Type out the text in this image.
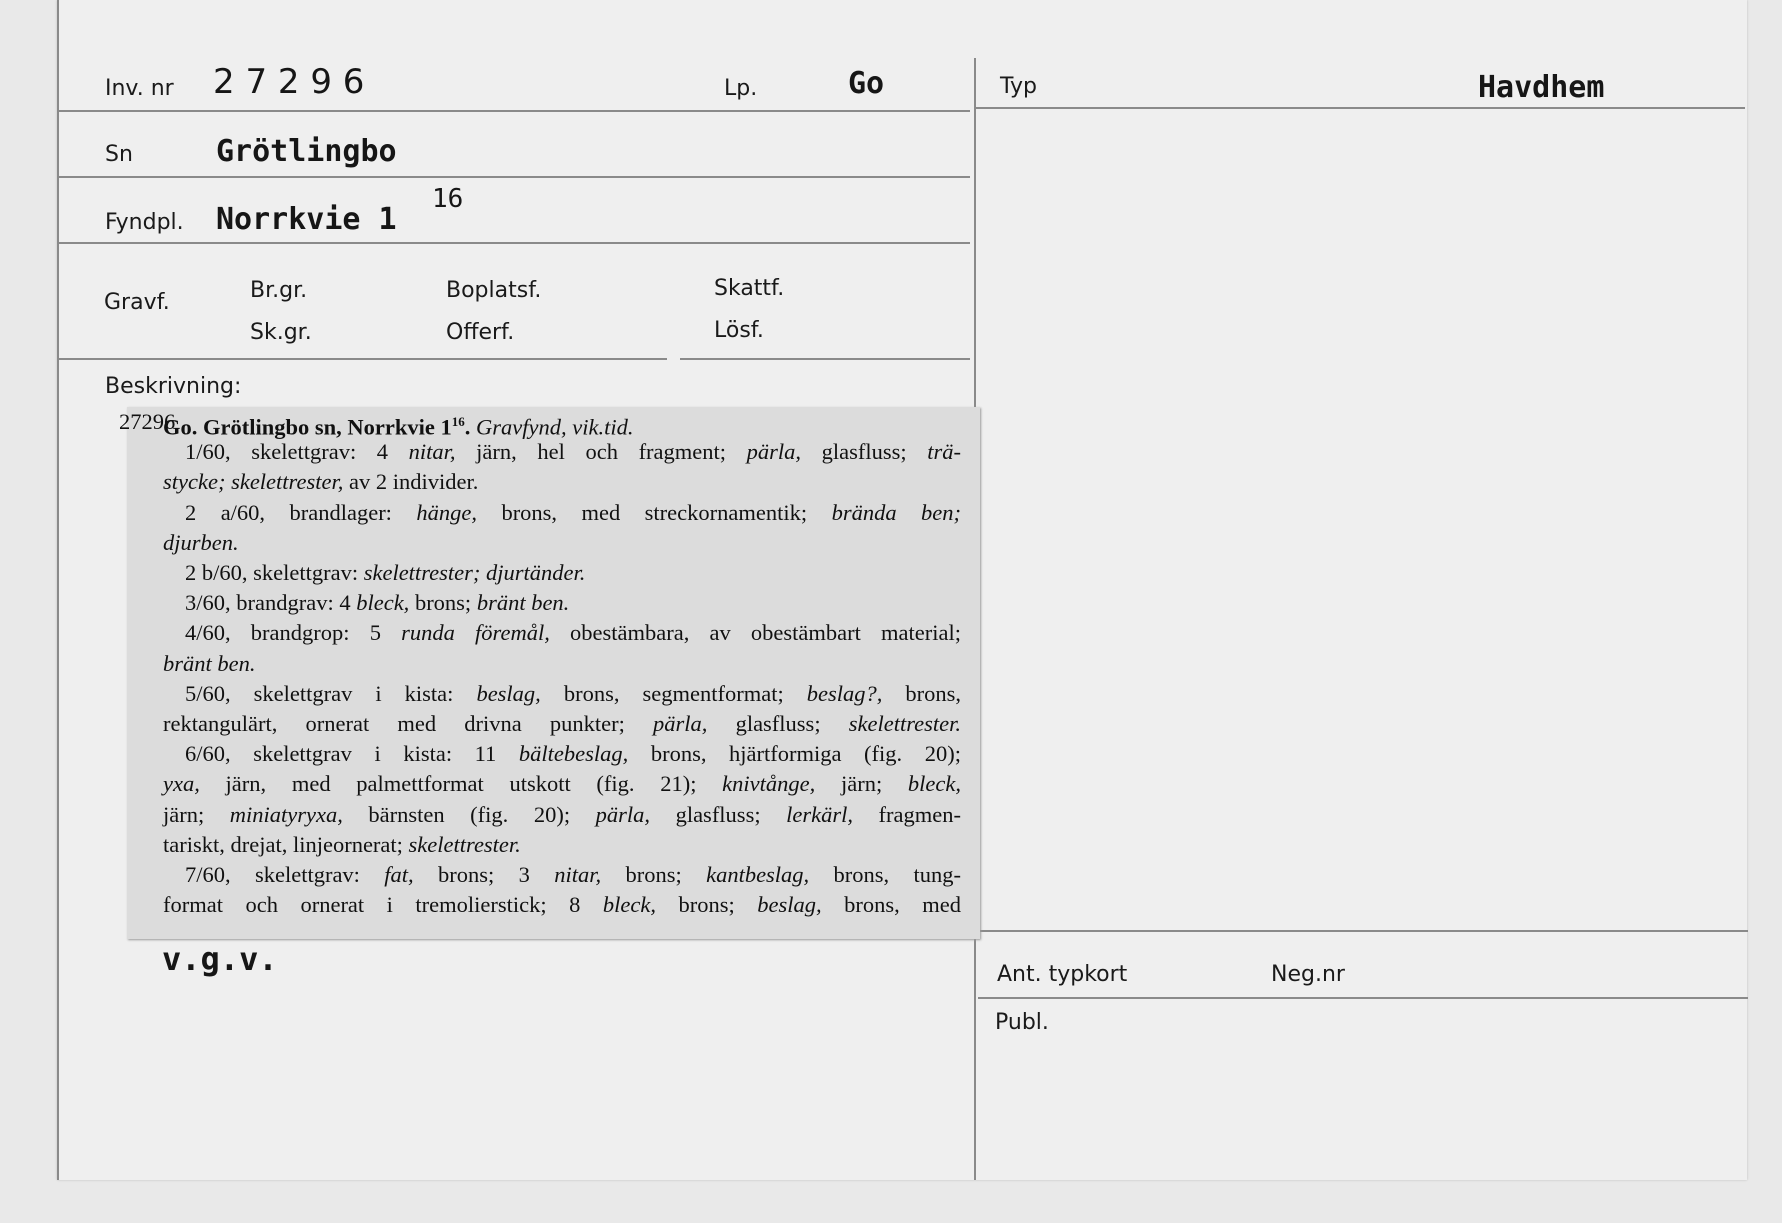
Inv. nr 2 7 2 9 6	Lp.	Go	Typ	Havdhem
Sn	Grötlingbo
Fyndpl. Norrkvie 1
16
Gravf.	Br.gr.
Sk.gr.
Boplatsf.
Offerf.
Skattf.
Lösf.
Beskrivning:
27296
Go. Grötlingbo sn, Norrkvie $1^{16}$. Gravfynd, vik.tid.
1/60, skelettgrav: 4 nitar, järn, hel och fragment; pärla, glasfluss; trä-
stycke; skelettrester, av 2 individer.
2 a/60, brandlager: hänge, brons, med streckornamentik; brända ben;
djurben.
2 b/60, skelettgrav: skelettrester; djurtänder.
3/60, brandgrav: 4 bleck, brons; bränt ben.
4/60, brandgrop: 5 runda föremål, obestämbara, av obestämbart material;
bränt ben.
5/60, skelettgrav i kista: beslag, brons, segmentformat; beslag?, brons,
rektangulärt, ornerat med drivna punkter; pärla, glasfluss; skelettrester.
6/60, skelettgrav i kista: 11 bältebeslag, brons, hjärtformiga (fig. 20);
yxa, järn, med palmettformat utskott (fig. 21); knivtånge, järn; bleck,
järn; miniatyryxa, bärnsten (fig. 20); pärla, glasfluss; lerkärl, fragmen-
tariskt, drejat, linjeornerat; skelettrester.
7/60, skelettgrav: fat, brons; 3 nitar, brons; kantbeslag, brons, tung-
format och ornerat i tremolierstick; 8 bleck, brons; beslag, brons, med
v.g.v.	Ant. typkort	Neg.nr
Publ.
